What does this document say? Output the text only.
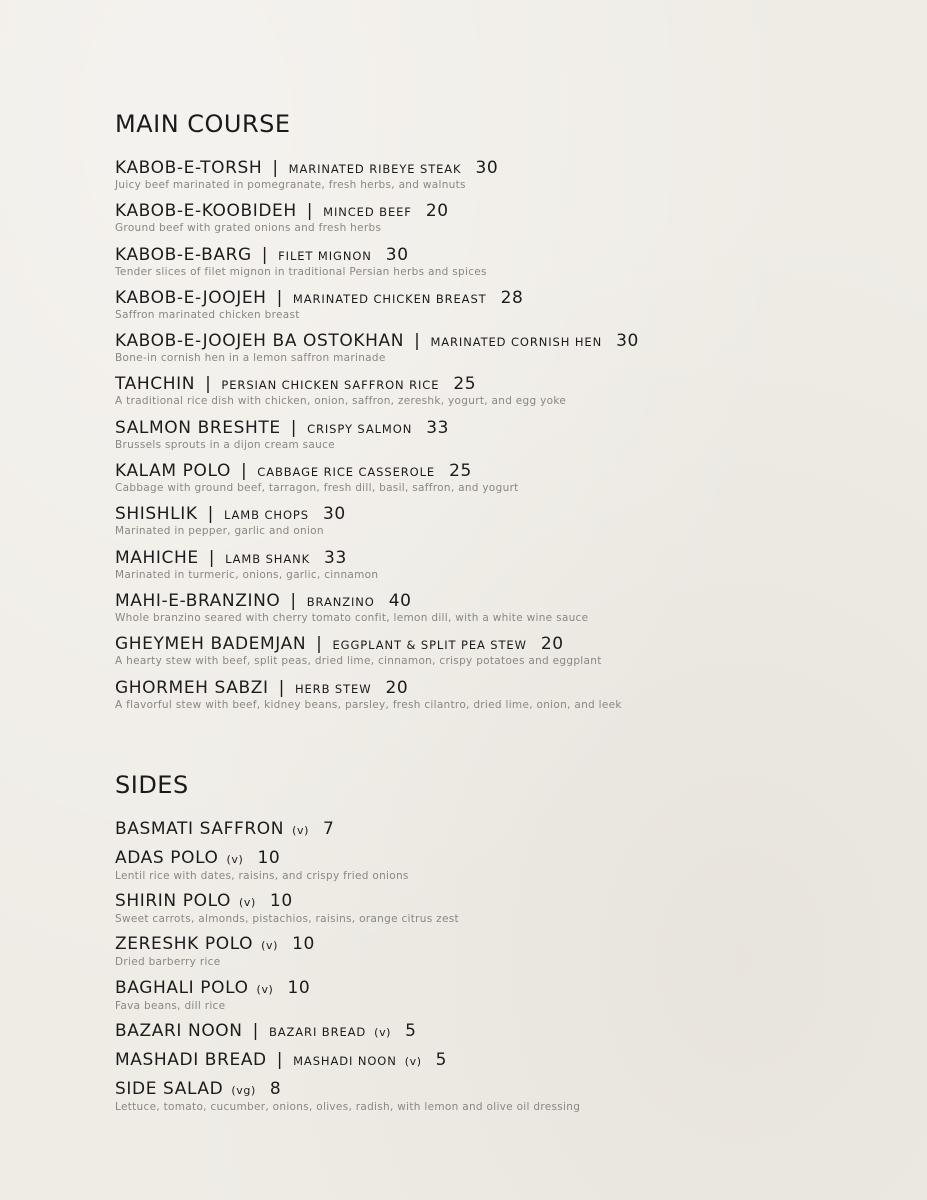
MAIN COURSE
KABOB-E-TORSH | MARINATED RIBEYE STEAK 30

Juicy beef marinated in pomegranate, fresh herbs, and walnuts

KABOB-E-KOOBIDEH | MINCED BEEF 20

Ground beef with grated onions and fresh herbs

KABOB-E-BARG | FILET MIGNON 30

Tender slices of filet mignon in traditional Persian herbs and spices

KABOB-E-JOOJEH | MARINATED CHICKEN BREAST 28

Saffron marinated chicken breast

KABOB-E-JOOJEH BA OSTOKHAN | MARINATED CORNISH HEN 30

Bone-in cornish hen in a lemon saffron marinade

TAHCHIN | PERSIAN CHICKEN SAFFRON RICE 25

A traditional rice dish with chicken, onion, saffron, zereshk, yogurt, and egg yoke

SALMON BRESHTE | CRISPY SALMON 33

Brussels sprouts in a dijon cream sauce

KALAM POLO | CABBAGE RICE CASSEROLE 25

Cabbage with ground beef, tarragon, fresh dill, basil, saffron, and yogurt

SHISHLIK | LAMB CHOPS 30

Marinated in pepper, garlic and onion

MAHICHE | LAMB SHANK 33

Marinated in turmeric, onions, garlic, cinnamon

MAHI-E-BRANZINO | BRANZINO 40

Whole branzino seared with cherry tomato confit, lemon dill, with a white wine sauce

GHEYMEH BADEMJAN | EGGPLANT & SPLIT PEA STEW 20

A hearty stew with beef, split peas, dried lime, cinnamon, crispy potatoes and eggplant

GHORMEH SABZI | HERB STEW 20

A flavorful stew with beef, kidney beans, parsley, fresh cilantro, dried lime, onion, and leek

SIDES
BASMATI SAFFRON (v) 7
ADAS POLO (v) 10

Lentil rice with dates, raisins, and crispy fried onions

SHIRIN POLO (v) 10

Sweet carrots, almonds, pistachios, raisins, orange citrus zest

ZERESHK POLO (v) 10

Dried barberry rice

BAGHALI POLO (v) 10

Fava beans, dill rice

BAZARI NOON | BAZARI BREAD (v) 5
MASHADI BREAD | MASHADI NOON (v) 5
SIDE SALAD (vg) 8

Lettuce, tomato, cucumber, onions, olives, radish, with lemon and olive oil dressing
